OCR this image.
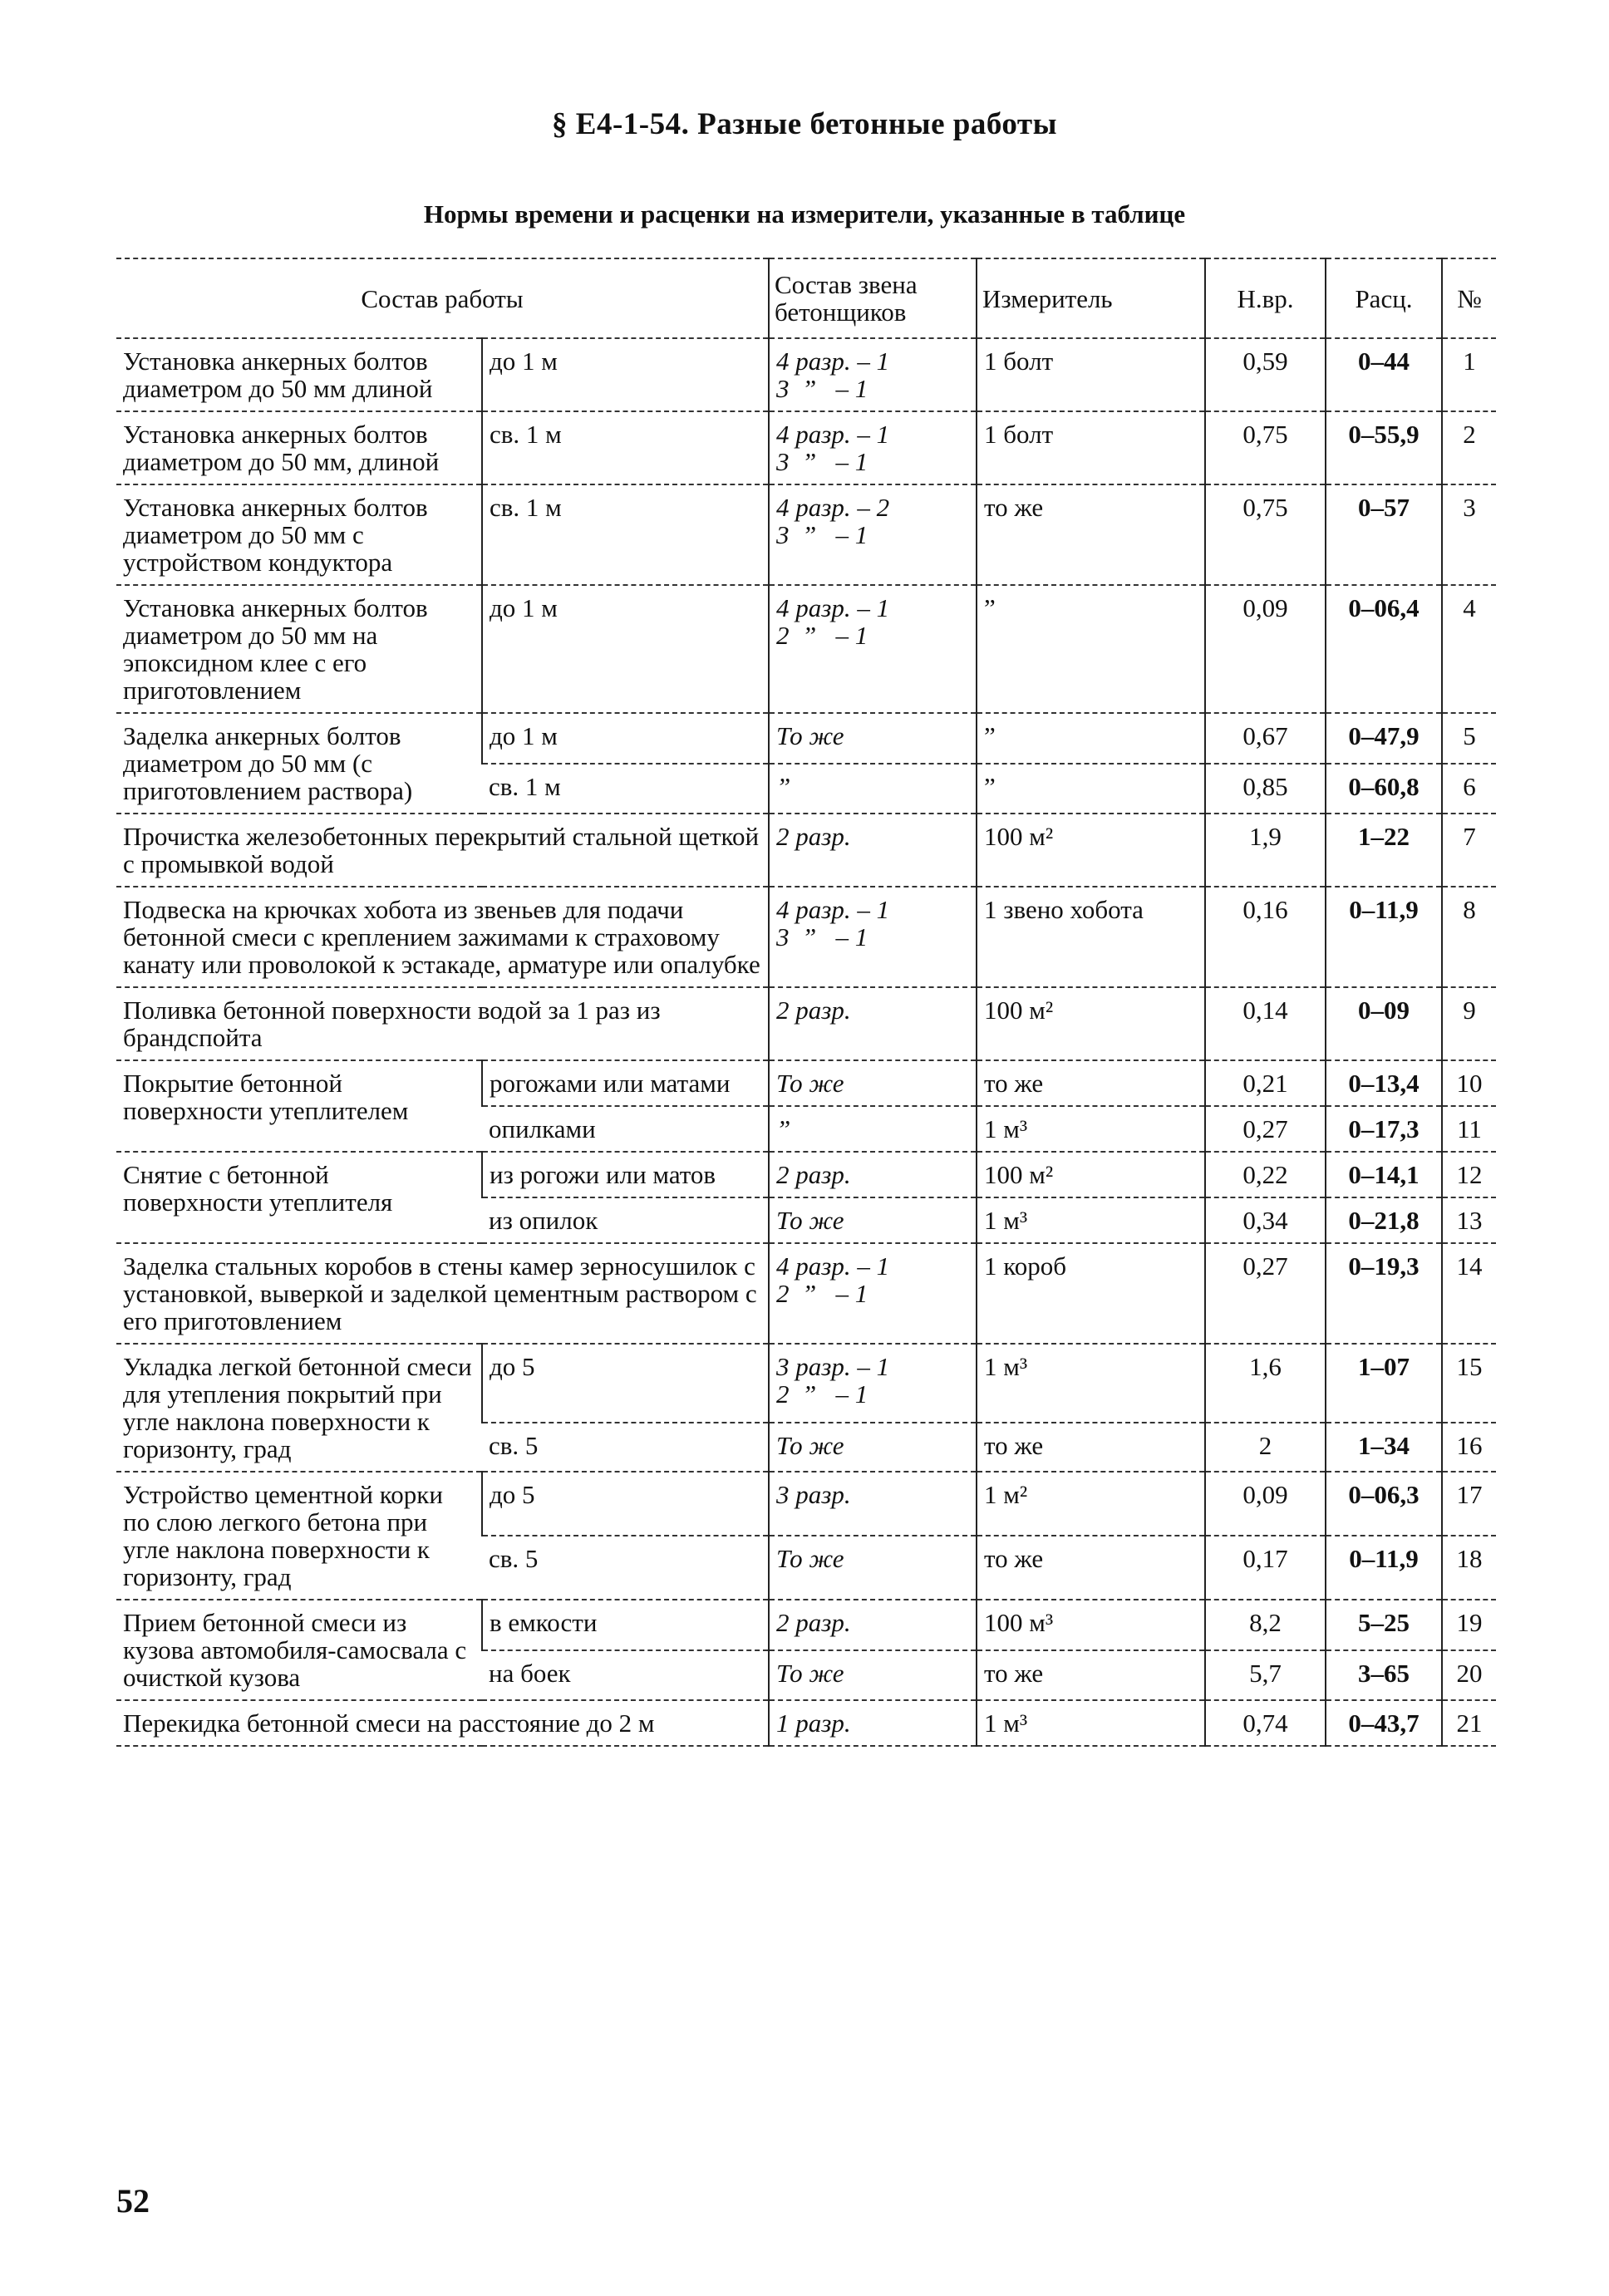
§ Е4-1-54. Разные бетонные работы
Нормы времени и расценки на измерители, указанные в таблице
Состав работы		Состав звена бетонщиков	Измеритель	Н.вр.	Расц.	№
Установка анкерных болтов диаметром до 50 мм длиной	до 1 м	4 разр. – 1
3  ”   – 1	1 болт	0,59	0–44	1
Установка анкерных болтов диаметром до 50 мм, длиной	св. 1 м	4 разр. – 1
3  ”   – 1	1 болт	0,75	0–55,9	2
Установка анкерных болтов диаметром до 50 мм с устройством кондуктора	св. 1 м	4 разр. – 2
3  ”   – 1	то же	0,75	0–57	3
Установка анкерных болтов диаметром до 50 мм на эпоксидном клее с его приготовлением	до 1 м	4 разр. – 1
2  ”   – 1	”	0,09	0–06,4	4
Заделка анкерных болтов диаметром до 50 мм (с приготовлением раствора)	до 1 м	То же	”	0,67	0–47,9	5
	св. 1 м	”	”	0,85	0–60,8	6
Прочистка железобетонных перекрытий стальной щеткой с промывкой водой		2 разр.	100 м²	1,9	1–22	7
Подвеска на крючках хобота из звеньев для подачи бетонной смеси с креплением зажимами к страховому канату или проволокой к эстакаде, арматуре или опалубке		4 разр. – 1
3  ”   – 1	1 звено хобота	0,16	0–11,9	8
Поливка бетонной поверхности водой за 1 раз из брандспойта		2 разр.	100 м²	0,14	0–09	9
Покрытие бетонной поверхности утеплителем	рогожами или матами	То же	то же	0,21	0–13,4	10
	опилками	”	1 м³	0,27	0–17,3	11
Снятие с бетонной поверхности утеплителя	из рогожи или матов	2 разр.	100 м²	0,22	0–14,1	12
	из опилок	То же	1 м³	0,34	0–21,8	13
Заделка стальных коробов в стены камер зерносушилок с установкой, выверкой и заделкой цементным раствором с его приготовлением		4 разр. – 1
2  ”   – 1	1 короб	0,27	0–19,3	14
Укладка легкой бетонной смеси для утепления покрытий при угле наклона поверхности к горизонту, град	до 5	3 разр. – 1
2  ”   – 1	1 м³	1,6	1–07	15
	св. 5	То же	то же	2	1–34	16
Устройство цементной корки по слою легкого бетона при угле наклона поверхности к горизонту, град	до 5	3 разр.	1 м²	0,09	0–06,3	17
	св. 5	То же	то же	0,17	0–11,9	18
Прием бетонной смеси из кузова автомобиля-самосвала с очисткой кузова	в емкости	2 разр.	100 м³	8,2	5–25	19
	на боек	То же	то же	5,7	3–65	20
Перекидка бетонной смеси на расстояние до 2 м		1 разр.	1 м³	0,74	0–43,7	21
52
